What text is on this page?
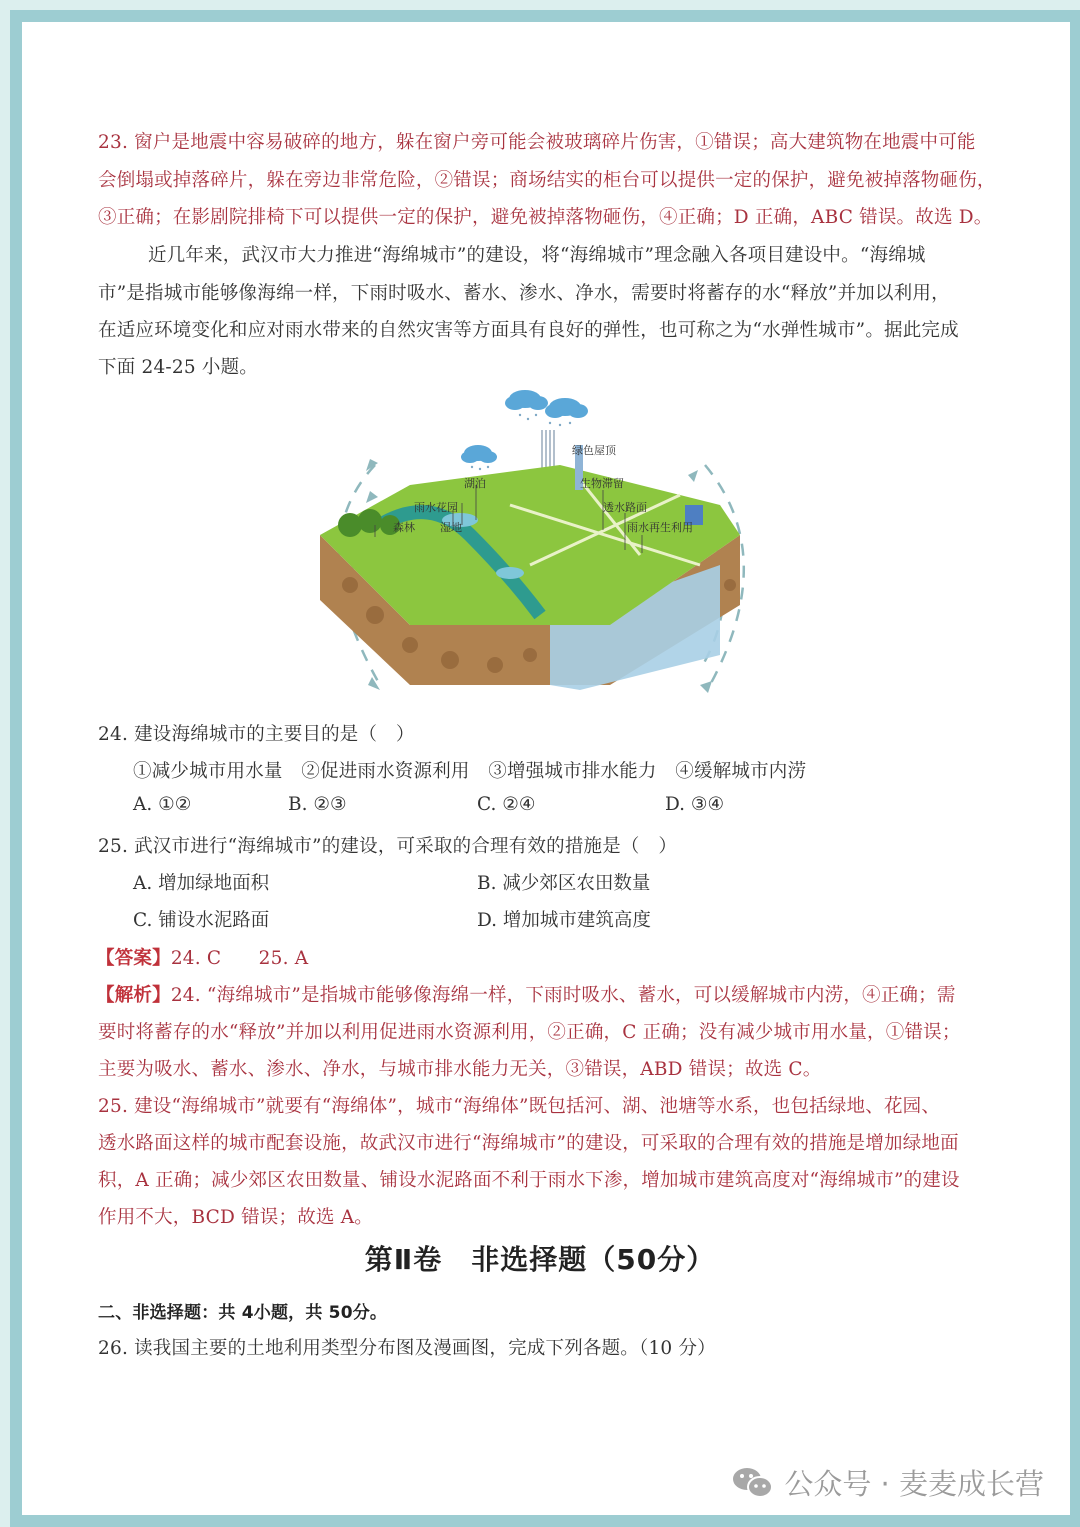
23. 窗户是地震中容易破碎的地方，躲在窗户旁可能会被玻璃碎片伤害，①错误；高大建筑物在地震中可能
会倒塌或掉落碎片，躲在旁边非常危险，②错误；商场结实的柜台可以提供一定的保护，避免被掉落物砸伤，
③正确；在影剧院排椅下可以提供一定的保护，避免被掉落物砸伤，④正确；D 正确，ABC 错误。故选 D。
近几年来，武汉市大力推进“海绵城市”的建设，将“海绵城市”理念融入各项目建设中。“海绵城
市”是指城市能够像海绵一样，下雨时吸水、蓄水、渗水、净水，需要时将蓄存的水“释放”并加以利用，
在适应环境变化和应对雨水带来的自然灾害等方面具有良好的弹性，也可称之为“水弹性城市”。据此完成
下面 24-25 小题。
绿色屋顶
湖泊	生物滞留
雨水花园	透水路面
森林 湿地	雨水再生利用
24. 建设海绵城市的主要目的是（　）
①减少城市用水量　②促进雨水资源利用　③增强城市排水能力　④缓解城市内涝
A. ①②	B. ②③	C. ②④	D. ③④
25. 武汉市进行“海绵城市”的建设，可采取的合理有效的措施是（　）
A. 增加绿地面积	B. 减少郊区农田数量
C. 铺设水泥路面	D. 增加城市建筑高度
【答案】24. C　　25. A
【解析】24. “海绵城市”是指城市能够像海绵一样，下雨时吸水、蓄水，可以缓解城市内涝，④正确；需
要时将蓄存的水“释放”并加以利用促进雨水资源利用，②正确，C 正确；没有减少城市用水量，①错误；
主要为吸水、蓄水、渗水、净水，与城市排水能力无关，③错误，ABD 错误；故选 C。
25. 建设“海绵城市”就要有“海绵体”，城市“海绵体”既包括河、湖、池塘等水系，也包括绿地、花园、
透水路面这样的城市配套设施，故武汉市进行“海绵城市”的建设，可采取的合理有效的措施是增加绿地面
积，A 正确；减少郊区农田数量、铺设水泥路面不利于雨水下渗，增加城市建筑高度对“海绵城市”的建设
作用不大，BCD 错误；故选 A。
第Ⅱ卷　非选择题（50分）
二、非选择题：共 4小题，共 50分。
26. 读我国主要的土地利用类型分布图及漫画图，完成下列各题。（10 分）
公众号 · 麦麦成长营
